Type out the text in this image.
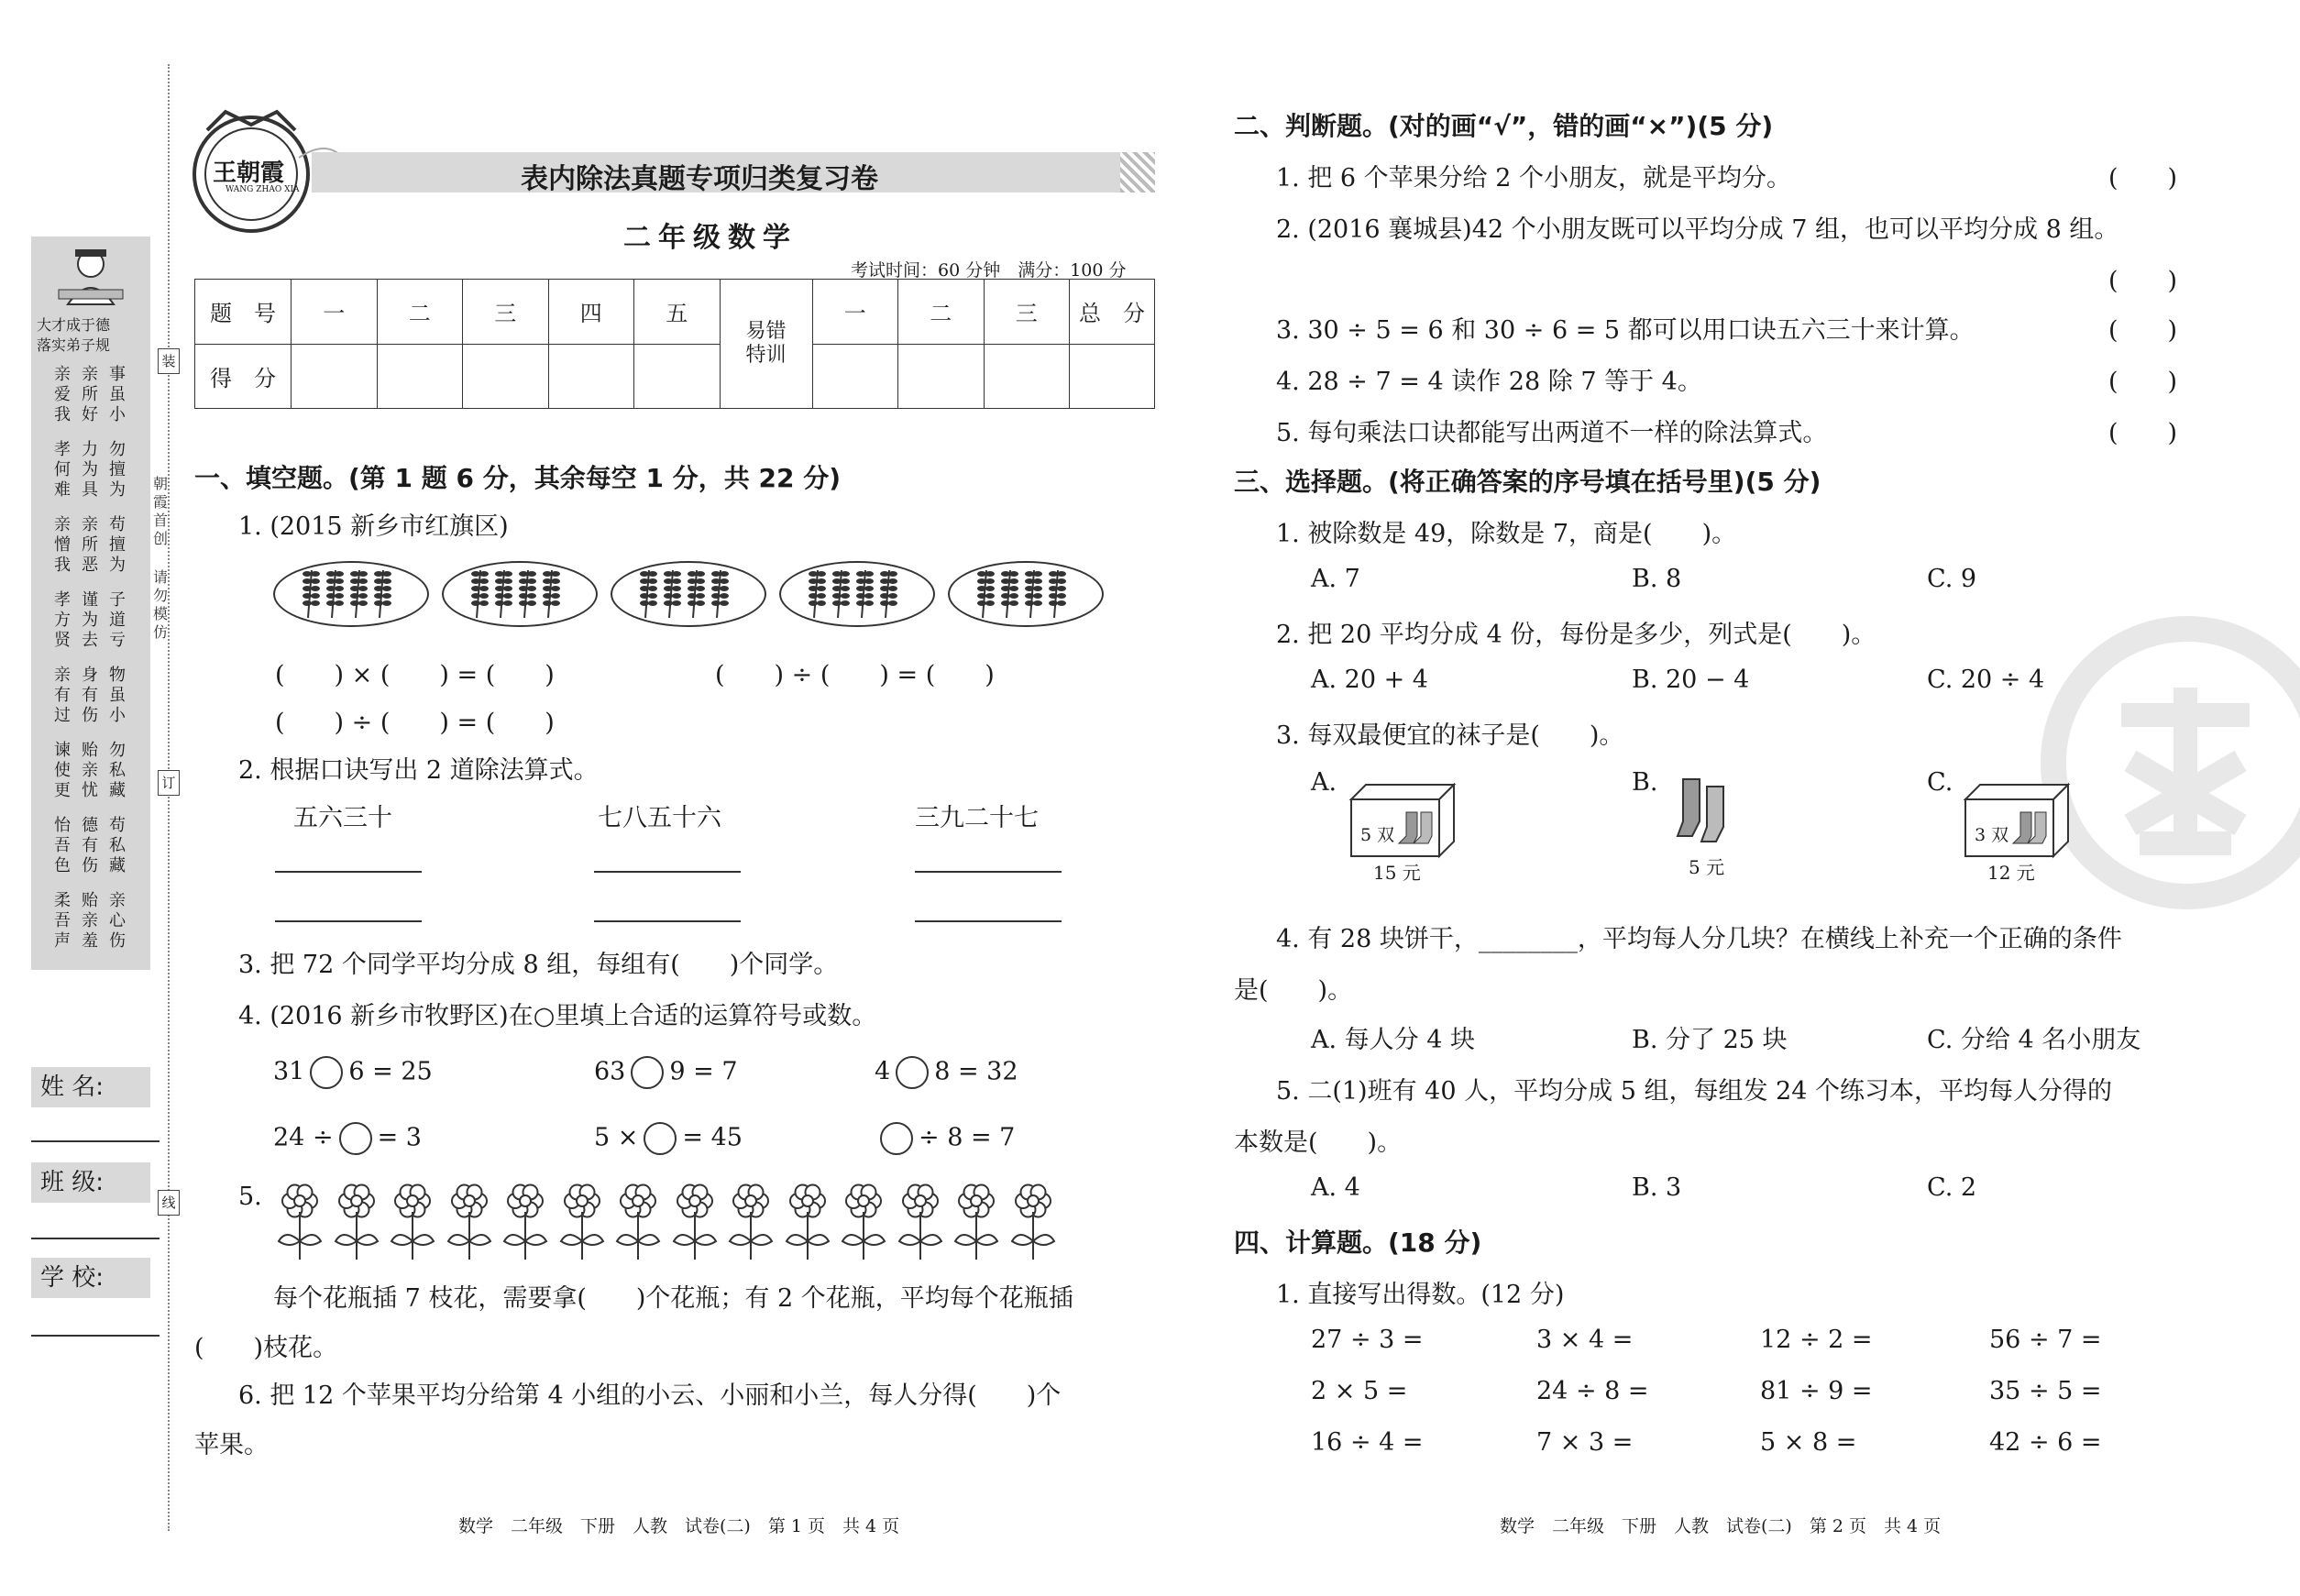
大才成于德
落实弟子规
亲爱我
亲所好
事虽小
孝何难
力为具
勿擅为
亲憎我
亲所恶
苟擅为
孝方贤
谨为去
子道亏
亲有过
身有伤
物虽小
谏使更
贻亲忧
勿私藏
怡吾色
德有伤
苟私藏
柔吾声
贻亲羞
亲心伤
装
订
线
朝霞首创
请勿模仿
姓 名:
班 级:
学 校:
王朝霞
WANG ZHAO XIA	表内除法真题专项归类复习卷
二年级数学
考试时间：60 分钟　满分：100 分
题　号	一	二	三	四	五	易错特训	一	二	三	总　分
得　分										
一、填空题。(第 1 题 6 分，其余每空 1 分，共 22 分)
1. (2015 新乡市红旗区)
(　　) × (　　) = (　　)	(　　) ÷ (　　) = (　　)
(　　) ÷ (　　) = (　　)
2. 根据口诀写出 2 道除法算式。
五六三十	七八五十六	三九二十七
3. 把 72 个同学平均分成 8 组，每组有(　　)个同学。
4. (2016 新乡市牧野区)在○里填上合适的运算符号或数。
31 6 = 25	63 9 = 7	4 8 = 32
24 ÷ = 3	5 × = 45	÷ 8 = 7
5.
每个花瓶插 7 枝花，需要拿(　　)个花瓶；有 2 个花瓶，平均每个花瓶插
(　　)枝花。
6. 把 12 个苹果平均分给第 4 小组的小云、小丽和小兰，每人分得(　　)个
苹果。
数学　二年级　下册　人教　试卷(二)　第 1 页　共 4 页
二、判断题。(对的画“√”，错的画“×”)(5 分)
1. 把 6 个苹果分给 2 个小朋友，就是平均分。
2. (2016 襄城县)42 个小朋友既可以平均分成 7 组，也可以平均分成 8 组。
3. 30 ÷ 5 = 6 和 30 ÷ 6 = 5 都可以用口诀五六三十来计算。
4. 28 ÷ 7 = 4 读作 28 除 7 等于 4。
5. 每句乘法口诀都能写出两道不一样的除法算式。
(　　)
(　　)
(　　)
(　　)
(　　)
三、选择题。(将正确答案的序号填在括号里)(5 分)
1. 被除数是 49，除数是 7，商是(　　)。
A. 7	B. 8	C. 9
2. 把 20 平均分成 4 份，每份是多少，列式是(　　)。
A. 20 + 4	B. 20 − 4	C. 20 ÷ 4
3. 每双最便宜的袜子是(　　)。
A.	B.	C.
5 双
15 元	5 元
3 双
12 元
4. 有 28 块饼干，________，平均每人分几块？在横线上补充一个正确的条件
是(　　)。
A. 每人分 4 块	B. 分了 25 块	C. 分给 4 名小朋友
5. 二(1)班有 40 人，平均分成 5 组，每组发 24 个练习本，平均每人分得的
本数是(　　)。
A. 4	B. 3	C. 2
四、计算题。(18 分)
1. 直接写出得数。(12 分)
27 ÷ 3 =	3 × 4 =	12 ÷ 2 =	56 ÷ 7 =
2 × 5 =	24 ÷ 8 =	81 ÷ 9 =	35 ÷ 5 =
16 ÷ 4 =	7 × 3 =	5 × 8 =	42 ÷ 6 =
数学　二年级　下册　人教　试卷(二)　第 2 页　共 4 页
